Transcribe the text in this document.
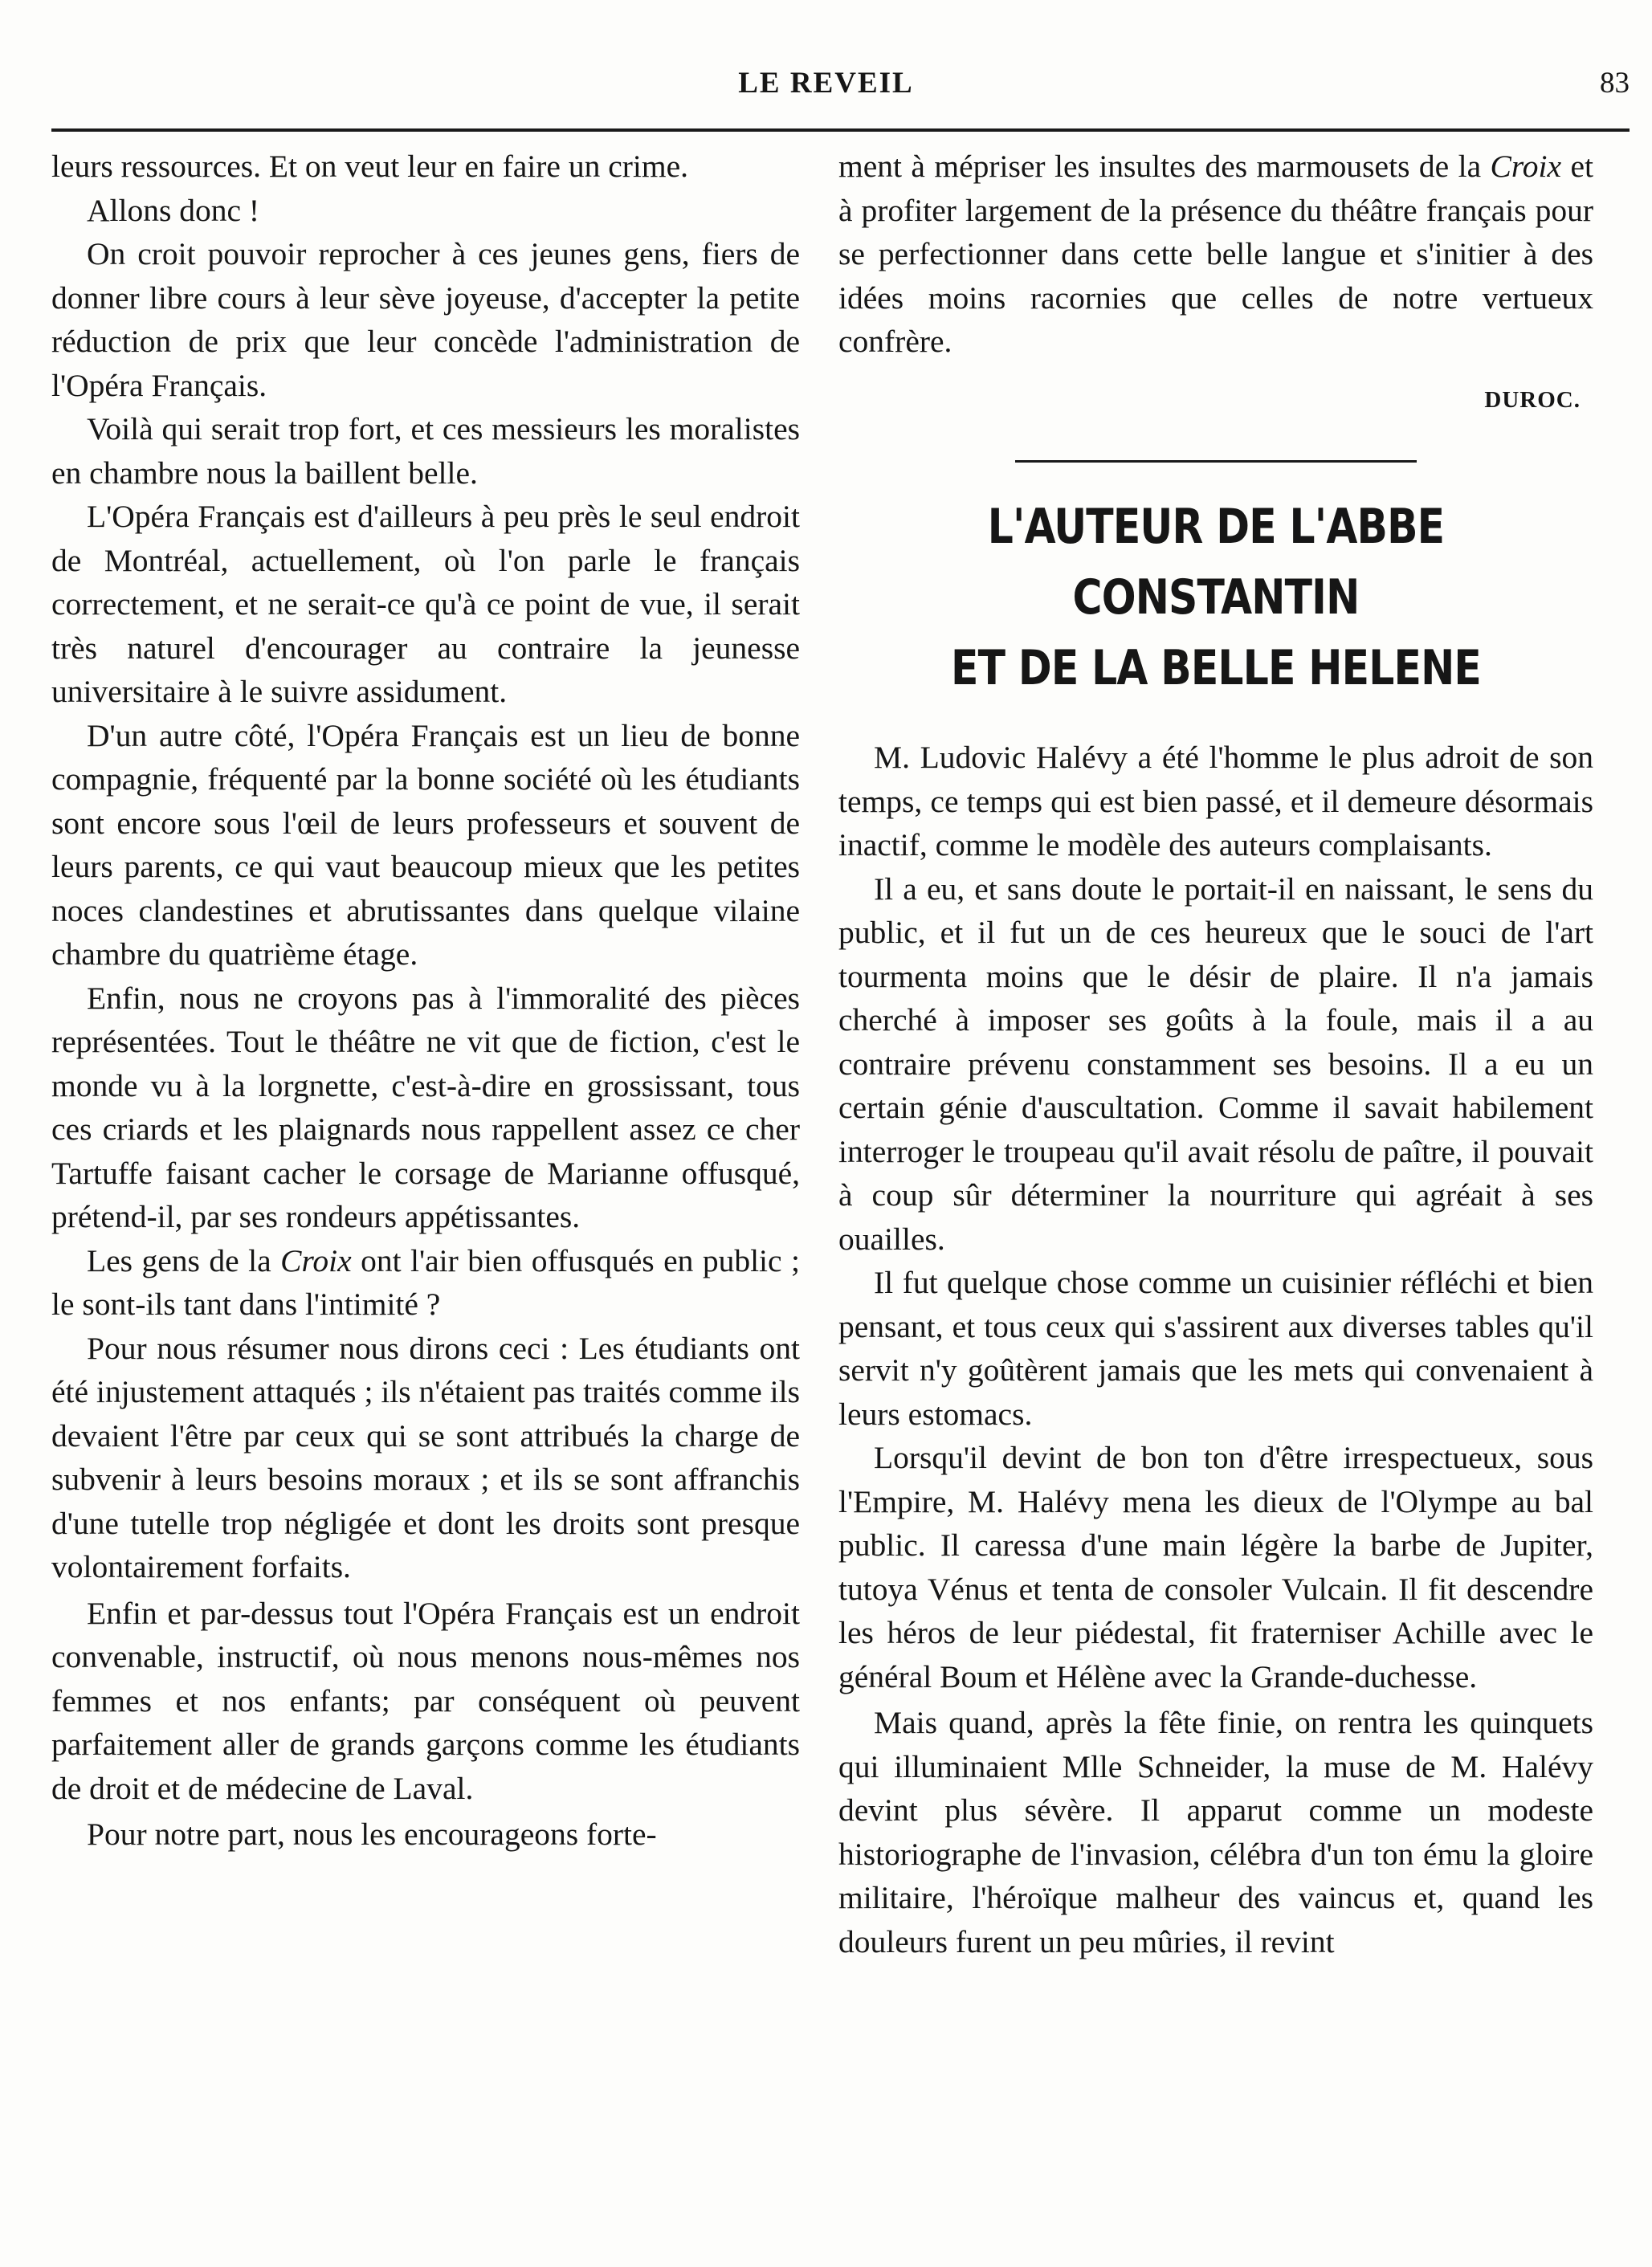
LE REVEIL	83

leurs ressources. Et on veut leur en faire un crime.

Allons donc !

On croit pouvoir reprocher à ces jeunes gens, fiers de donner libre cours à leur sève joyeuse, d'accepter la petite réduction de prix que leur concède l'administration de l'Opéra Français.

Voilà qui serait trop fort, et ces messieurs les moralistes en chambre nous la baillent belle.

L'Opéra Français est d'ailleurs à peu près le seul endroit de Montréal, actuellement, où l'on parle le français correctement, et ne serait-ce qu'à ce point de vue, il serait très naturel d'encourager au contraire la jeunesse universitaire à le suivre assidument.

D'un autre côté, l'Opéra Français est un lieu de bonne compagnie, fréquenté par la bonne société où les étudiants sont encore sous l'œil de leurs professeurs et souvent de leurs parents, ce qui vaut beaucoup mieux que les petites noces clandestines et abrutissantes dans quelque vilaine chambre du quatrième étage.

Enfin, nous ne croyons pas à l'immoralité des pièces représentées. Tout le théâtre ne vit que de fiction, c'est le monde vu à la lorgnette, c'est-à-dire en grossissant, tous ces criards et les plaignards nous rappellent assez ce cher Tartuffe faisant cacher le corsage de Marianne offusqué, prétend-il, par ses rondeurs appétissantes.

Les gens de la Croix ont l'air bien offusqués en public ; le sont-ils tant dans l'intimité ?

Pour nous résumer nous dirons ceci : Les étudiants ont été injustement attaqués ; ils n'étaient pas traités comme ils devaient l'être par ceux qui se sont attribués la charge de subvenir à leurs besoins moraux ; et ils se sont affranchis d'une tutelle trop négligée et dont les droits sont presque volontairement forfaits.

Enfin et par-dessus tout l'Opéra Français est un endroit convenable, instructif, où nous menons nous-mêmes nos femmes et nos enfants; par conséquent où peuvent parfaitement aller de grands garçons comme les étudiants de droit et de médecine de Laval.

Pour notre part, nous les encourageons forte-

ment à mépriser les insultes des marmousets de la Croix et à profiter largement de la présence du théâtre français pour se perfectionner dans cette belle langue et s'initier à des idées moins racornies que celles de notre vertueux confrère.

DUROC.
L'AUTEUR DE L'ABBE CONSTANTIN
ET DE LA BELLE HELENE

M. Ludovic Halévy a été l'homme le plus adroit de son temps, ce temps qui est bien passé, et il demeure désormais inactif, comme le modèle des auteurs complaisants.

Il a eu, et sans doute le portait-il en naissant, le sens du public, et il fut un de ces heureux que le souci de l'art tourmenta moins que le désir de plaire. Il n'a jamais cherché à imposer ses goûts à la foule, mais il a au contraire prévenu constamment ses besoins. Il a eu un certain génie d'auscultation. Comme il savait habilement interroger le troupeau qu'il avait résolu de paître, il pouvait à coup sûr déterminer la nourriture qui agréait à ses ouailles.

Il fut quelque chose comme un cuisinier réfléchi et bien pensant, et tous ceux qui s'assirent aux diverses tables qu'il servit n'y goûtèrent jamais que les mets qui convenaient à leurs estomacs.

Lorsqu'il devint de bon ton d'être irrespectueux, sous l'Empire, M. Halévy mena les dieux de l'Olympe au bal public. Il caressa d'une main légère la barbe de Jupiter, tutoya Vénus et tenta de consoler Vulcain. Il fit descendre les héros de leur piédestal, fit fraterniser Achille avec le général Boum et Hélène avec la Grande-duchesse.

Mais quand, après la fête finie, on rentra les quinquets qui illuminaient Mlle Schneider, la muse de M. Halévy devint plus sévère. Il apparut comme un modeste historiographe de l'invasion, célébra d'un ton ému la gloire militaire, l'héroïque malheur des vaincus et, quand les douleurs furent un peu mûries, il revint
